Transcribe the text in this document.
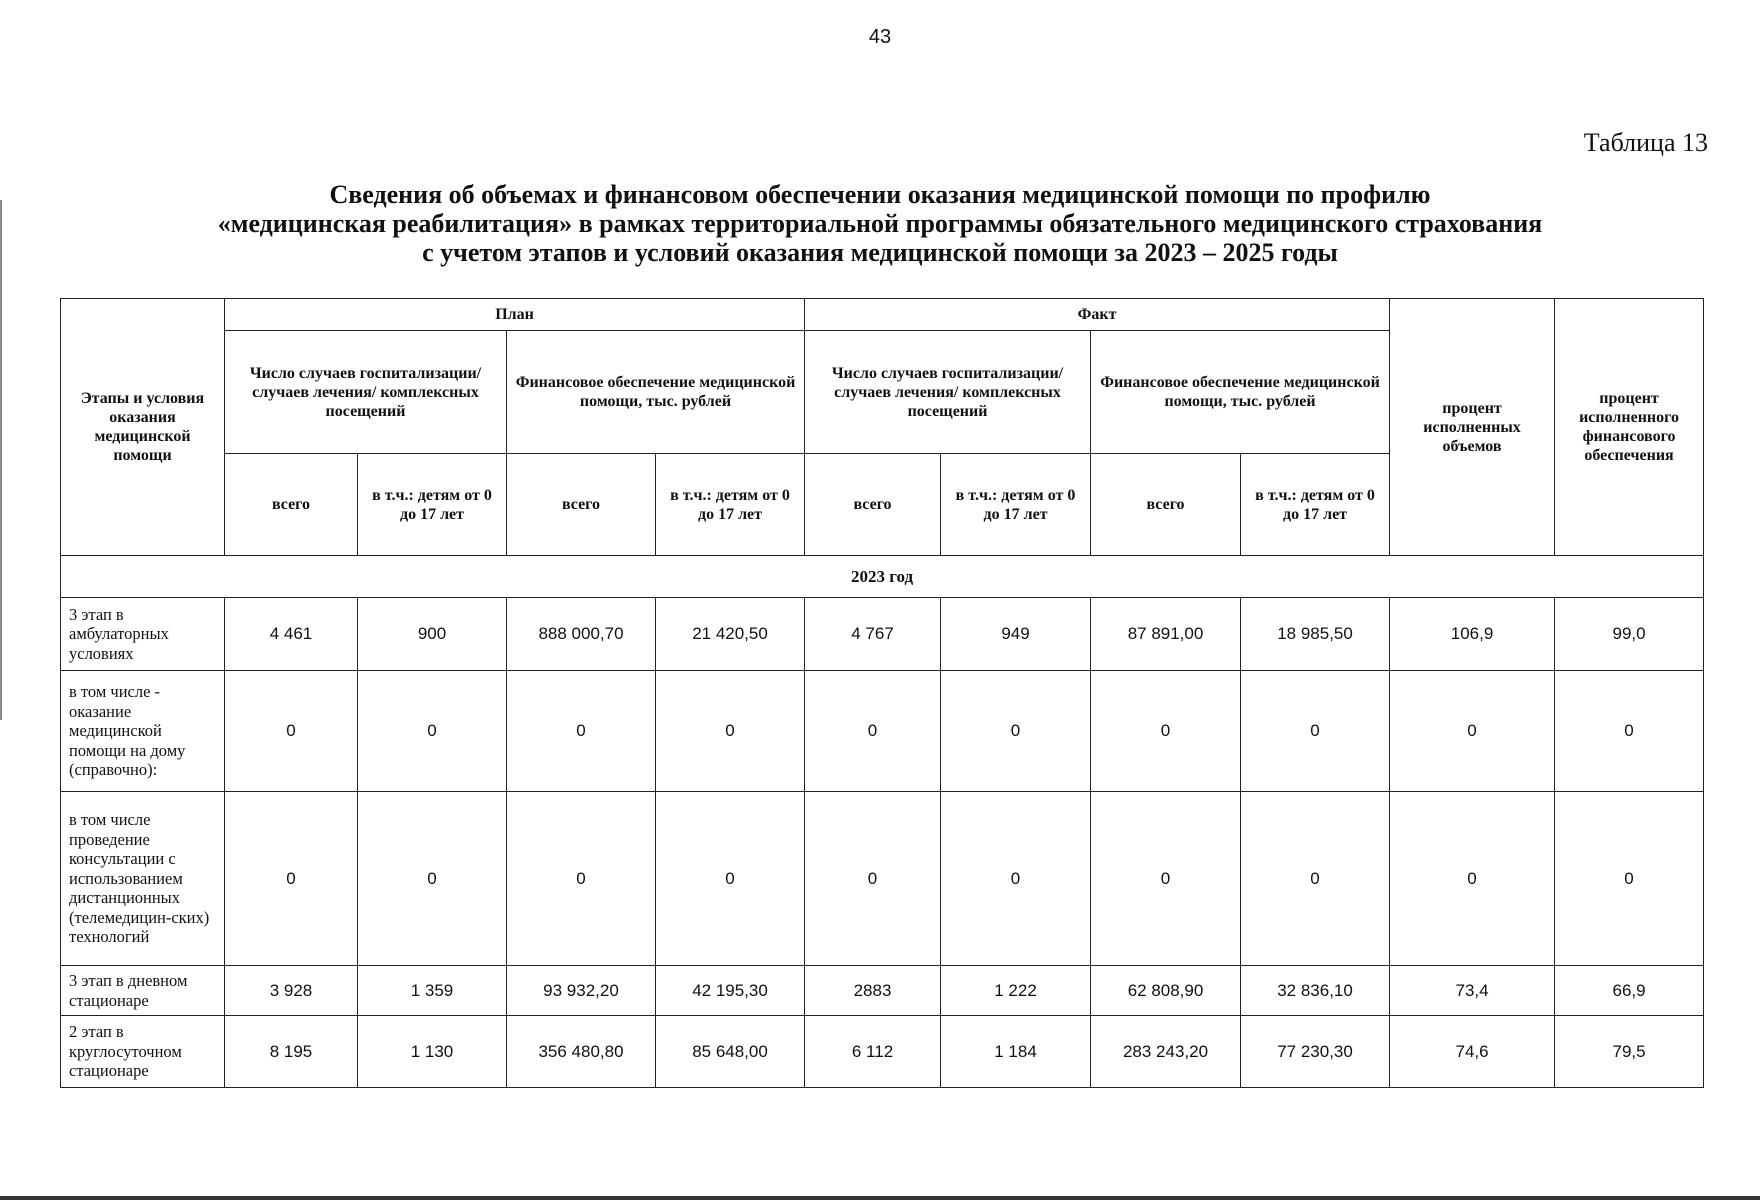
43
Таблица 13
Сведения об объемах и финансовом обеспечении оказания медицинской помощи по профилю
«медицинская реабилитация» в рамках территориальной программы обязательного медицинского страхования
с учетом этапов и условий оказания медицинской помощи за 2023 – 2025 годы
Этапы и условия оказания медицинской помощи	План				Факт				процент исполненных объемов	процент исполненного финансового обеспечения
	Число случаев госпитализации/ случаев лечения/ комплексных посещений		Финансовое обеспечение медицинской помощи, тыс. рублей		Число случаев госпитализации/ случаев лечения/ комплексных посещений		Финансовое обеспечение медицинской помощи, тыс. рублей			
	всего	в т.ч.: детям от 0 до 17 лет	всего	в т.ч.: детям от 0 до 17 лет	всего	в т.ч.: детям от 0 до 17 лет	всего	в т.ч.: детям от 0 до 17 лет		
2023 год										
3 этап в амбулаторных условиях	4 461	900	888 000,70	21 420,50	4 767	949	87 891,00	18 985,50	106,9	99,0
в том числе - оказание медицинской помощи на дому (справочно):	0	0	0	0	0	0	0	0	0	0
в том числе проведение консультации с использованием дистанционных (телемедицин-ских) технологий	0	0	0	0	0	0	0	0	0	0
3 этап в дневном стационаре	3 928	1 359	93 932,20	42 195,30	2883	1 222	62 808,90	32 836,10	73,4	66,9
2 этап в круглосуточном стационаре	8 195	1 130	356 480,80	85 648,00	6 112	1 184	283 243,20	77 230,30	74,6	79,5
